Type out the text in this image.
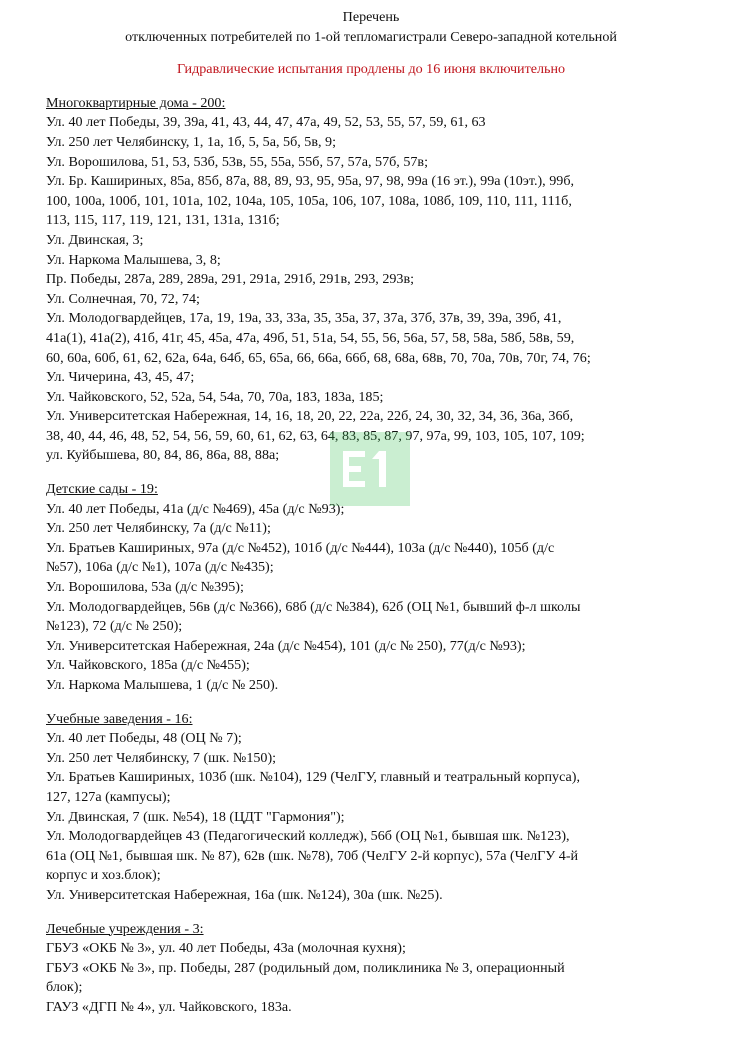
Перечень
отключенных потребителей по 1-ой тепломагистрали Северо-западной котельной
Гидравлические испытания продлены до 16 июня включительно
Многоквартирные дома - 200:
Ул. 40 лет Победы, 39, 39а, 41, 43, 44, 47, 47а, 49, 52, 53, 55, 57, 59, 61, 63
Ул. 250 лет Челябинску, 1, 1а, 1б, 5, 5а, 5б, 5в, 9;
Ул. Ворошилова, 51, 53, 53б, 53в, 55, 55а, 55б, 57, 57а, 57б, 57в;
Ул. Бр. Кашириных, 85а, 85б, 87а, 88, 89, 93, 95, 95а, 97, 98, 99а (16 эт.), 99а (10эт.), 99б,
100, 100а, 100б, 101, 101а, 102, 104а, 105, 105а, 106, 107, 108а, 108б, 109, 110, 111, 111б,
113, 115, 117, 119, 121, 131, 131а, 131б;
Ул. Двинская, 3;
Ул. Наркома Малышева, 3, 8;
Пр. Победы, 287а, 289, 289а, 291, 291а, 291б, 291в, 293, 293в;
Ул. Солнечная, 70, 72, 74;
Ул. Молодогвардейцев, 17а, 19, 19а, 33, 33а, 35, 35а, 37, 37а, 37б, 37в, 39, 39а, 39б, 41,
41а(1), 41а(2), 41б, 41г, 45, 45а, 47а, 49б, 51, 51а, 54, 55, 56, 56а, 57, 58, 58а, 58б, 58в, 59,
60, 60а, 60б, 61, 62, 62а, 64а, 64б, 65, 65а, 66, 66а, 66б, 68, 68а, 68в, 70, 70а, 70в, 70г, 74, 76;
Ул. Чичерина, 43, 45, 47;
Ул. Чайковского, 52, 52а, 54, 54а, 70, 70а, 183, 183а, 185;
Ул. Университетская Набережная, 14, 16, 18, 20, 22, 22а, 22б, 24, 30, 32, 34, 36, 36а, 36б,
38, 40, 44, 46, 48, 52, 54, 56, 59, 60, 61, 62, 63, 64, 83, 85, 87, 97, 97а, 99, 103, 105, 107, 109;
ул. Куйбышева, 80, 84, 86, 86а, 88, 88а;
Детские сады - 19:
Ул. 40 лет Победы, 41а (д/с №469), 45а (д/с №93);
Ул. 250 лет Челябинску, 7а (д/с №11);
Ул. Братьев Кашириных, 97а (д/с №452), 101б (д/с №444), 103а (д/с №440), 105б (д/с
№57), 106а (д/с №1), 107а (д/с №435);
Ул. Ворошилова, 53а (д/с №395);
Ул. Молодогвардейцев, 56в (д/с №366), 68б (д/с №384), 62б (ОЦ №1, бывший ф-л школы
№123), 72 (д/с № 250);
Ул. Университетская Набережная, 24а (д/с №454), 101 (д/с № 250), 77(д/с №93);
Ул. Чайковского, 185а (д/с №455);
Ул. Наркома Малышева, 1 (д/с № 250).
Учебные заведения - 16:
Ул. 40 лет Победы, 48 (ОЦ № 7);
Ул. 250 лет Челябинску, 7 (шк. №150);
Ул. Братьев Кашириных, 103б (шк. №104), 129 (ЧелГУ, главный и театральный корпуса),
127, 127а (кампусы);
Ул. Двинская, 7 (шк. №54), 18 (ЦДТ "Гармония");
Ул. Молодогвардейцев 43 (Педагогический колледж), 56б (ОЦ №1, бывшая шк. №123),
61а (ОЦ №1, бывшая шк. № 87), 62в (шк. №78), 70б (ЧелГУ 2-й корпус), 57а (ЧелГУ 4-й
корпус и хоз.блок);
Ул. Университетская Набережная, 16а (шк. №124), 30а (шк. №25).
Лечебные учреждения - 3:
ГБУЗ «ОКБ № 3», ул. 40 лет Победы, 43а (молочная кухня);
ГБУЗ «ОКБ № 3», пр. Победы, 287 (родильный дом, поликлиника № 3, операционный
блок);
ГАУЗ «ДГП № 4», ул. Чайковского, 183а.
